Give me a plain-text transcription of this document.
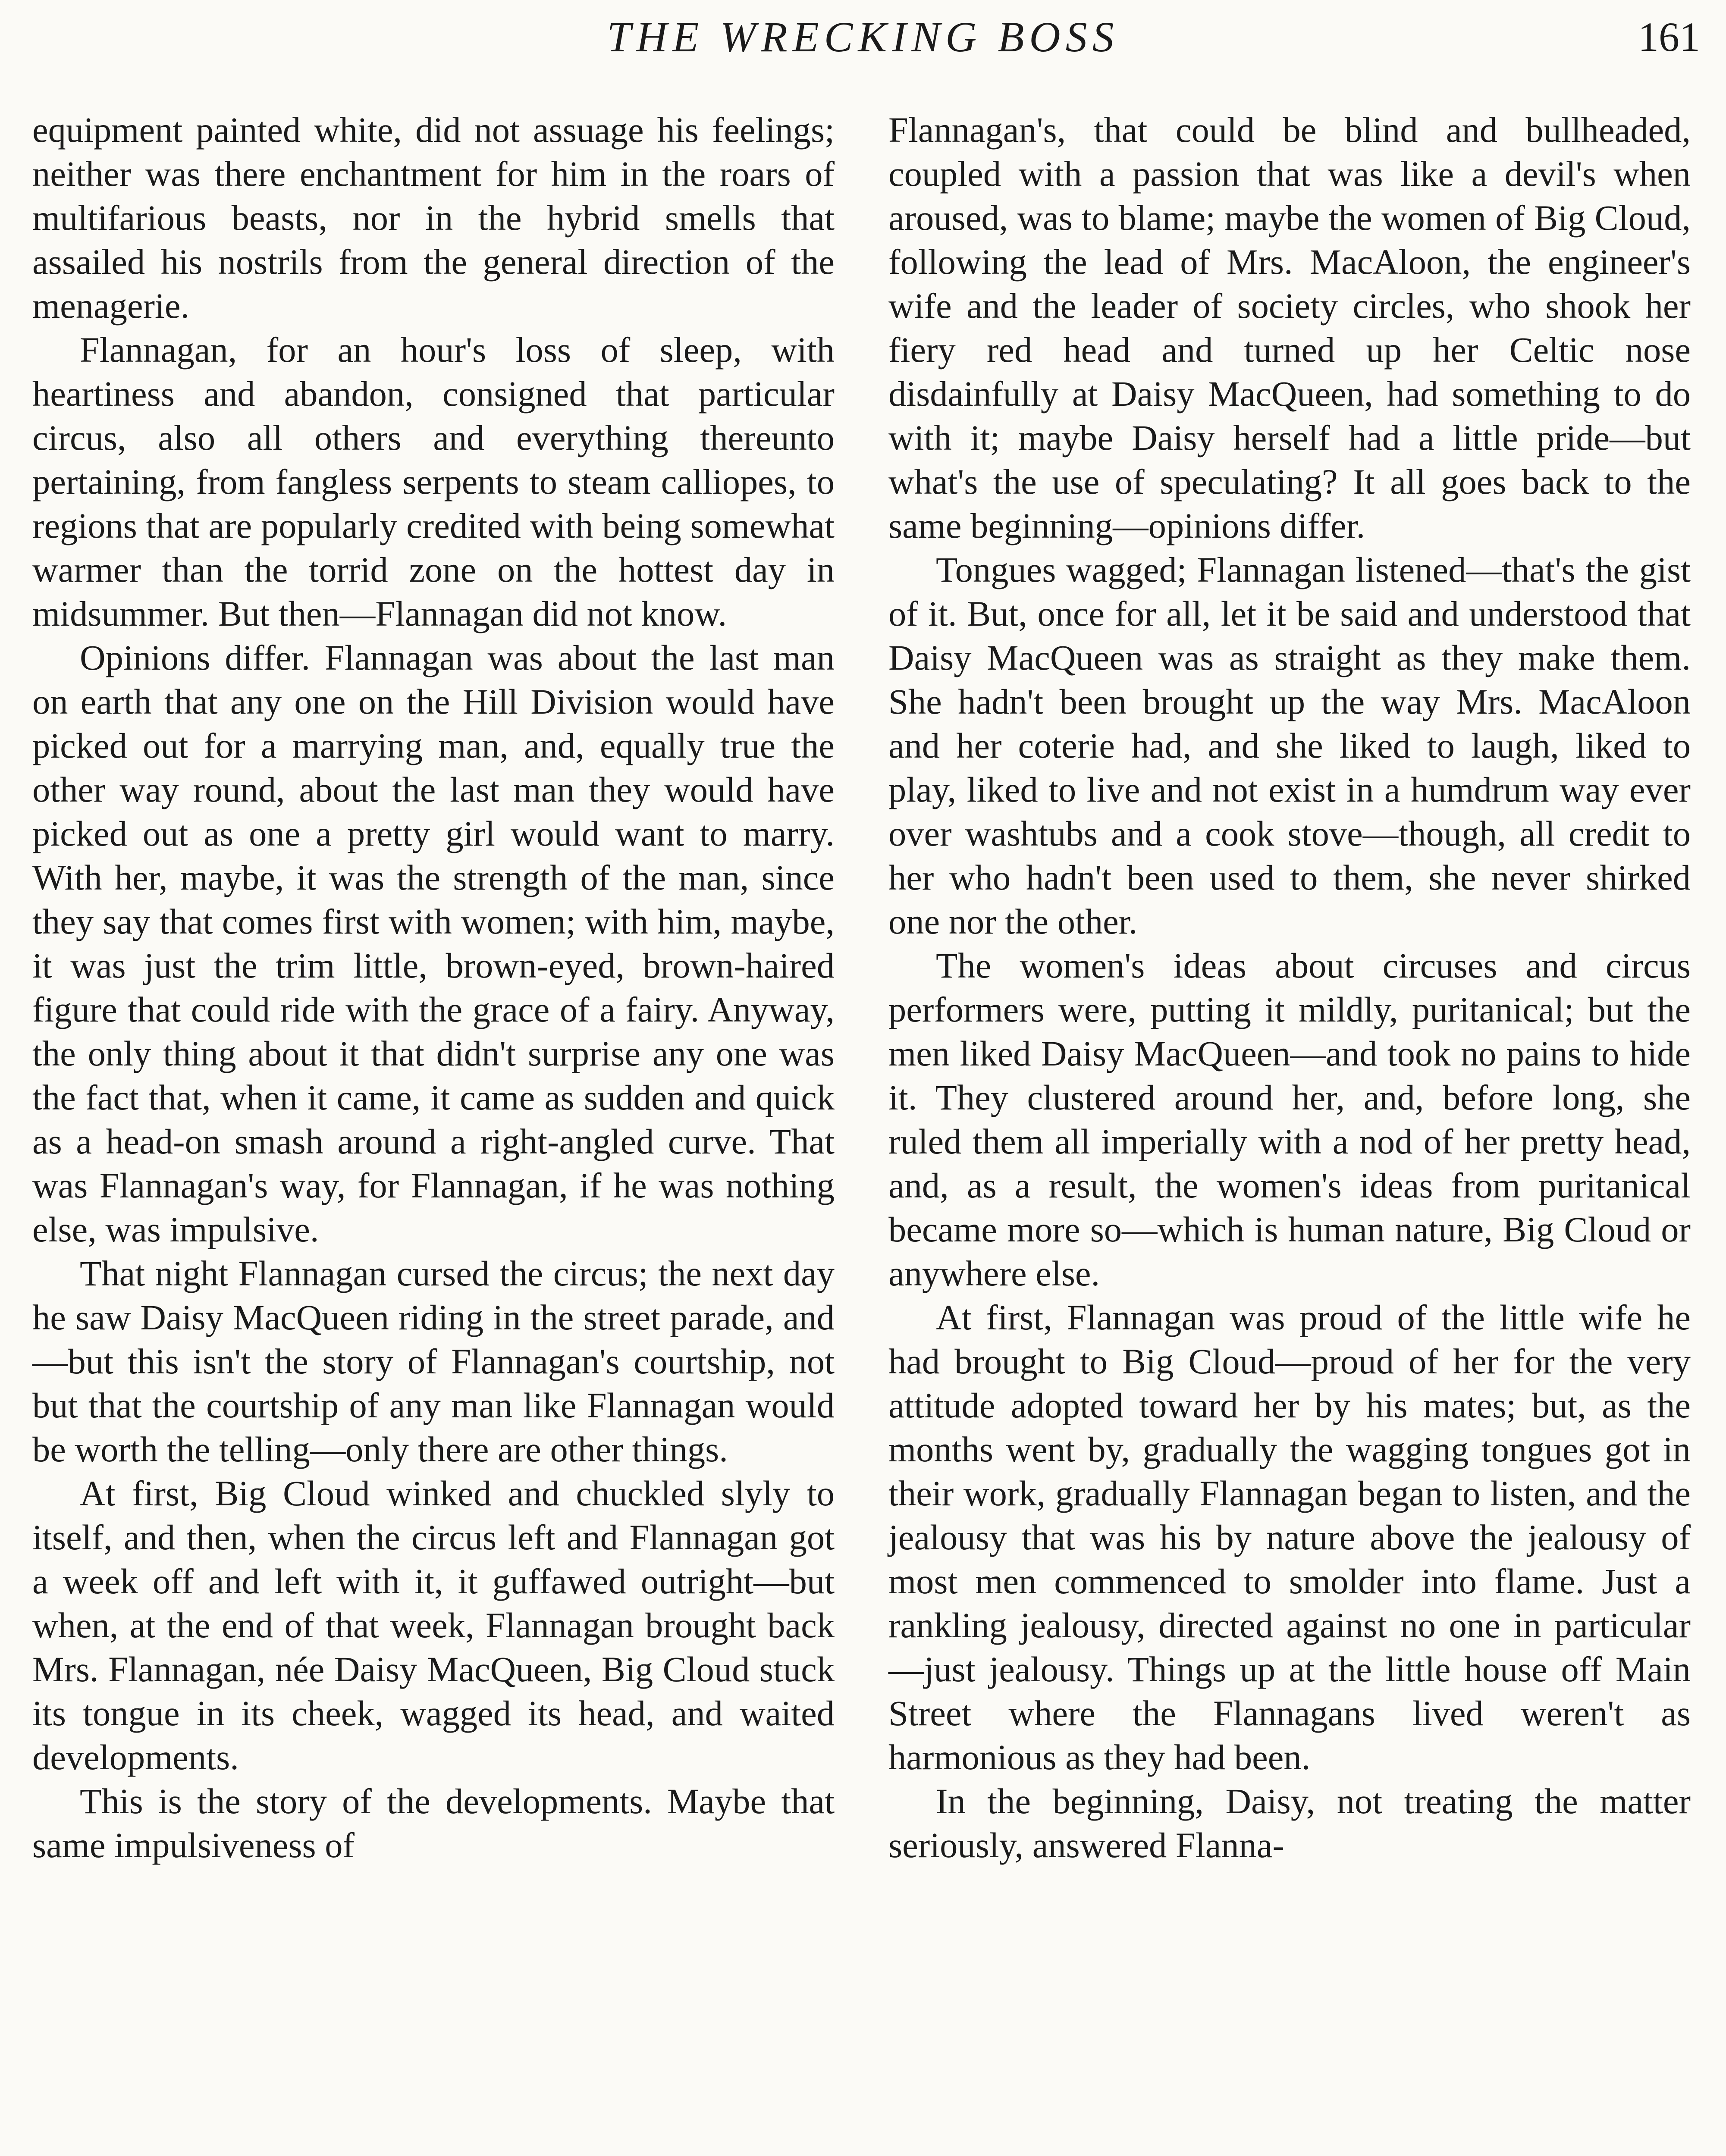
THE WRECKING BOSS	161

equipment painted white, did not assuage his feelings; neither was there enchantment for him in the roars of multifarious beasts, nor in the hybrid smells that assailed his nostrils from the general direction of the menagerie.

Flannagan, for an hour's loss of sleep, with heartiness and abandon, consigned that particular circus, also all others and everything thereunto pertaining, from fangless serpents to steam calliopes, to regions that are popularly credited with being somewhat warmer than the torrid zone on the hottest day in midsummer. But then—Flannagan did not know.

Opinions differ. Flannagan was about the last man on earth that any one on the Hill Division would have picked out for a marrying man, and, equally true the other way round, about the last man they would have picked out as one a pretty girl would want to marry. With her, maybe, it was the strength of the man, since they say that comes first with women; with him, maybe, it was just the trim little, brown-eyed, brown-haired figure that could ride with the grace of a fairy. Anyway, the only thing about it that didn't surprise any one was the fact that, when it came, it came as sudden and quick as a head-on smash around a right-angled curve. That was Flannagan's way, for Flannagan, if he was nothing else, was impulsive.

That night Flannagan cursed the circus; the next day he saw Daisy MacQueen riding in the street parade, and—but this isn't the story of Flannagan's courtship, not but that the courtship of any man like Flannagan would be worth the telling—only there are other things.

At first, Big Cloud winked and chuckled slyly to itself, and then, when the circus left and Flannagan got a week off and left with it, it guffawed outright—but when, at the end of that week, Flannagan brought back Mrs. Flannagan, née Daisy MacQueen, Big Cloud stuck its tongue in its cheek, wagged its head, and waited developments.

This is the story of the developments. Maybe that same impulsiveness of

Flannagan's, that could be blind and bullheaded, coupled with a passion that was like a devil's when aroused, was to blame; maybe the women of Big Cloud, following the lead of Mrs. MacAloon, the engineer's wife and the leader of society circles, who shook her fiery red head and turned up her Celtic nose disdainfully at Daisy MacQueen, had something to do with it; maybe Daisy herself had a little pride—but what's the use of speculating? It all goes back to the same beginning—opinions differ.

Tongues wagged; Flannagan listened—that's the gist of it. But, once for all, let it be said and understood that Daisy MacQueen was as straight as they make them. She hadn't been brought up the way Mrs. MacAloon and her coterie had, and she liked to laugh, liked to play, liked to live and not exist in a humdrum way ever over washtubs and a cook stove—though, all credit to her who hadn't been used to them, she never shirked one nor the other.

The women's ideas about circuses and circus performers were, putting it mildly, puritanical; but the men liked Daisy MacQueen—and took no pains to hide it. They clustered around her, and, before long, she ruled them all imperially with a nod of her pretty head, and, as a result, the women's ideas from puritanical became more so—which is human nature, Big Cloud or anywhere else.

At first, Flannagan was proud of the little wife he had brought to Big Cloud—proud of her for the very attitude adopted toward her by his mates; but, as the months went by, gradually the wagging tongues got in their work, gradually Flannagan began to listen, and the jealousy that was his by nature above the jealousy of most men commenced to smolder into flame. Just a rankling jealousy, directed against no one in particular—just jealousy. Things up at the little house off Main Street where the Flannagans lived weren't as harmonious as they had been.

In the beginning, Daisy, not treating the matter seriously, answered Flanna-
